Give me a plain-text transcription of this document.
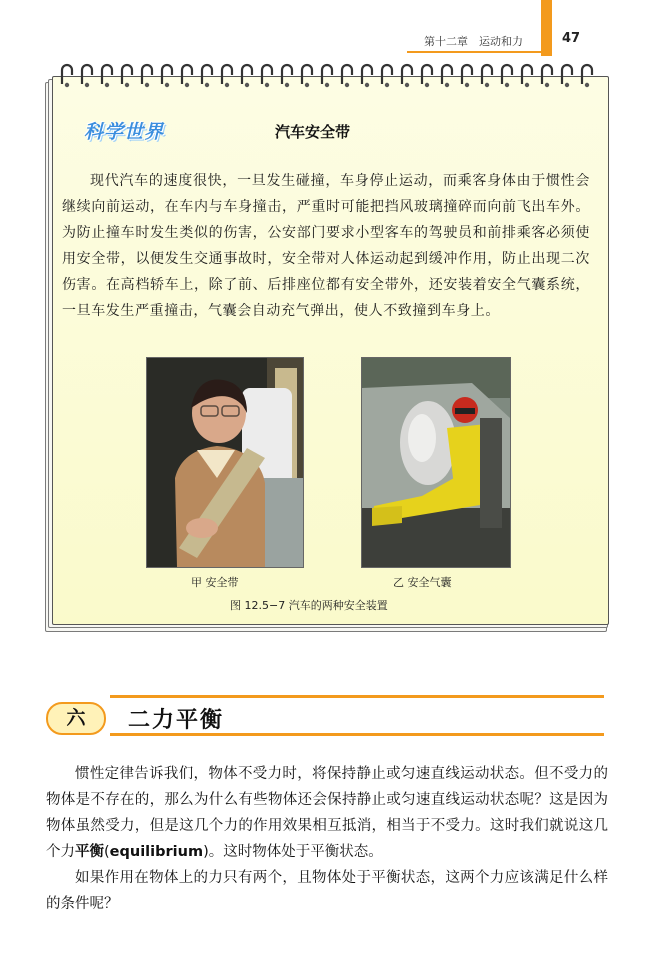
第十二章　运动和力	47
科学世界	汽车安全带

现代汽车的速度很快，一旦发生碰撞，车身停止运动，而乘客身体由于惯性会继续向前运动，在车内与车身撞击，严重时可能把挡风玻璃撞碎而向前飞出车外。为防止撞车时发生类似的伤害，公安部门要求小型客车的驾驶员和前排乘客必须使用安全带，以便发生交通事故时，安全带对人体运动起到缓冲作用，防止出现二次伤害。在高档轿车上，除了前、后排座位都有安全带外，还安装着安全气囊系统，一旦车发生严重撞击，气囊会自动充气弹出，使人不致撞到车身上。

甲 安全带	乙 安全气囊
图 12.5−7 汽车的两种安全装置
六	二力平衡

惯性定律告诉我们，物体不受力时，将保持静止或匀速直线运动状态。但不受力的物体是不存在的，那么为什么有些物体还会保持静止或匀速直线运动状态呢？这是因为物体虽然受力，但是这几个力的作用效果相互抵消，相当于不受力。这时我们就说这几个力平衡(equilibrium)。这时物体处于平衡状态。

如果作用在物体上的力只有两个，且物体处于平衡状态，这两个力应该满足什么样的条件呢？
